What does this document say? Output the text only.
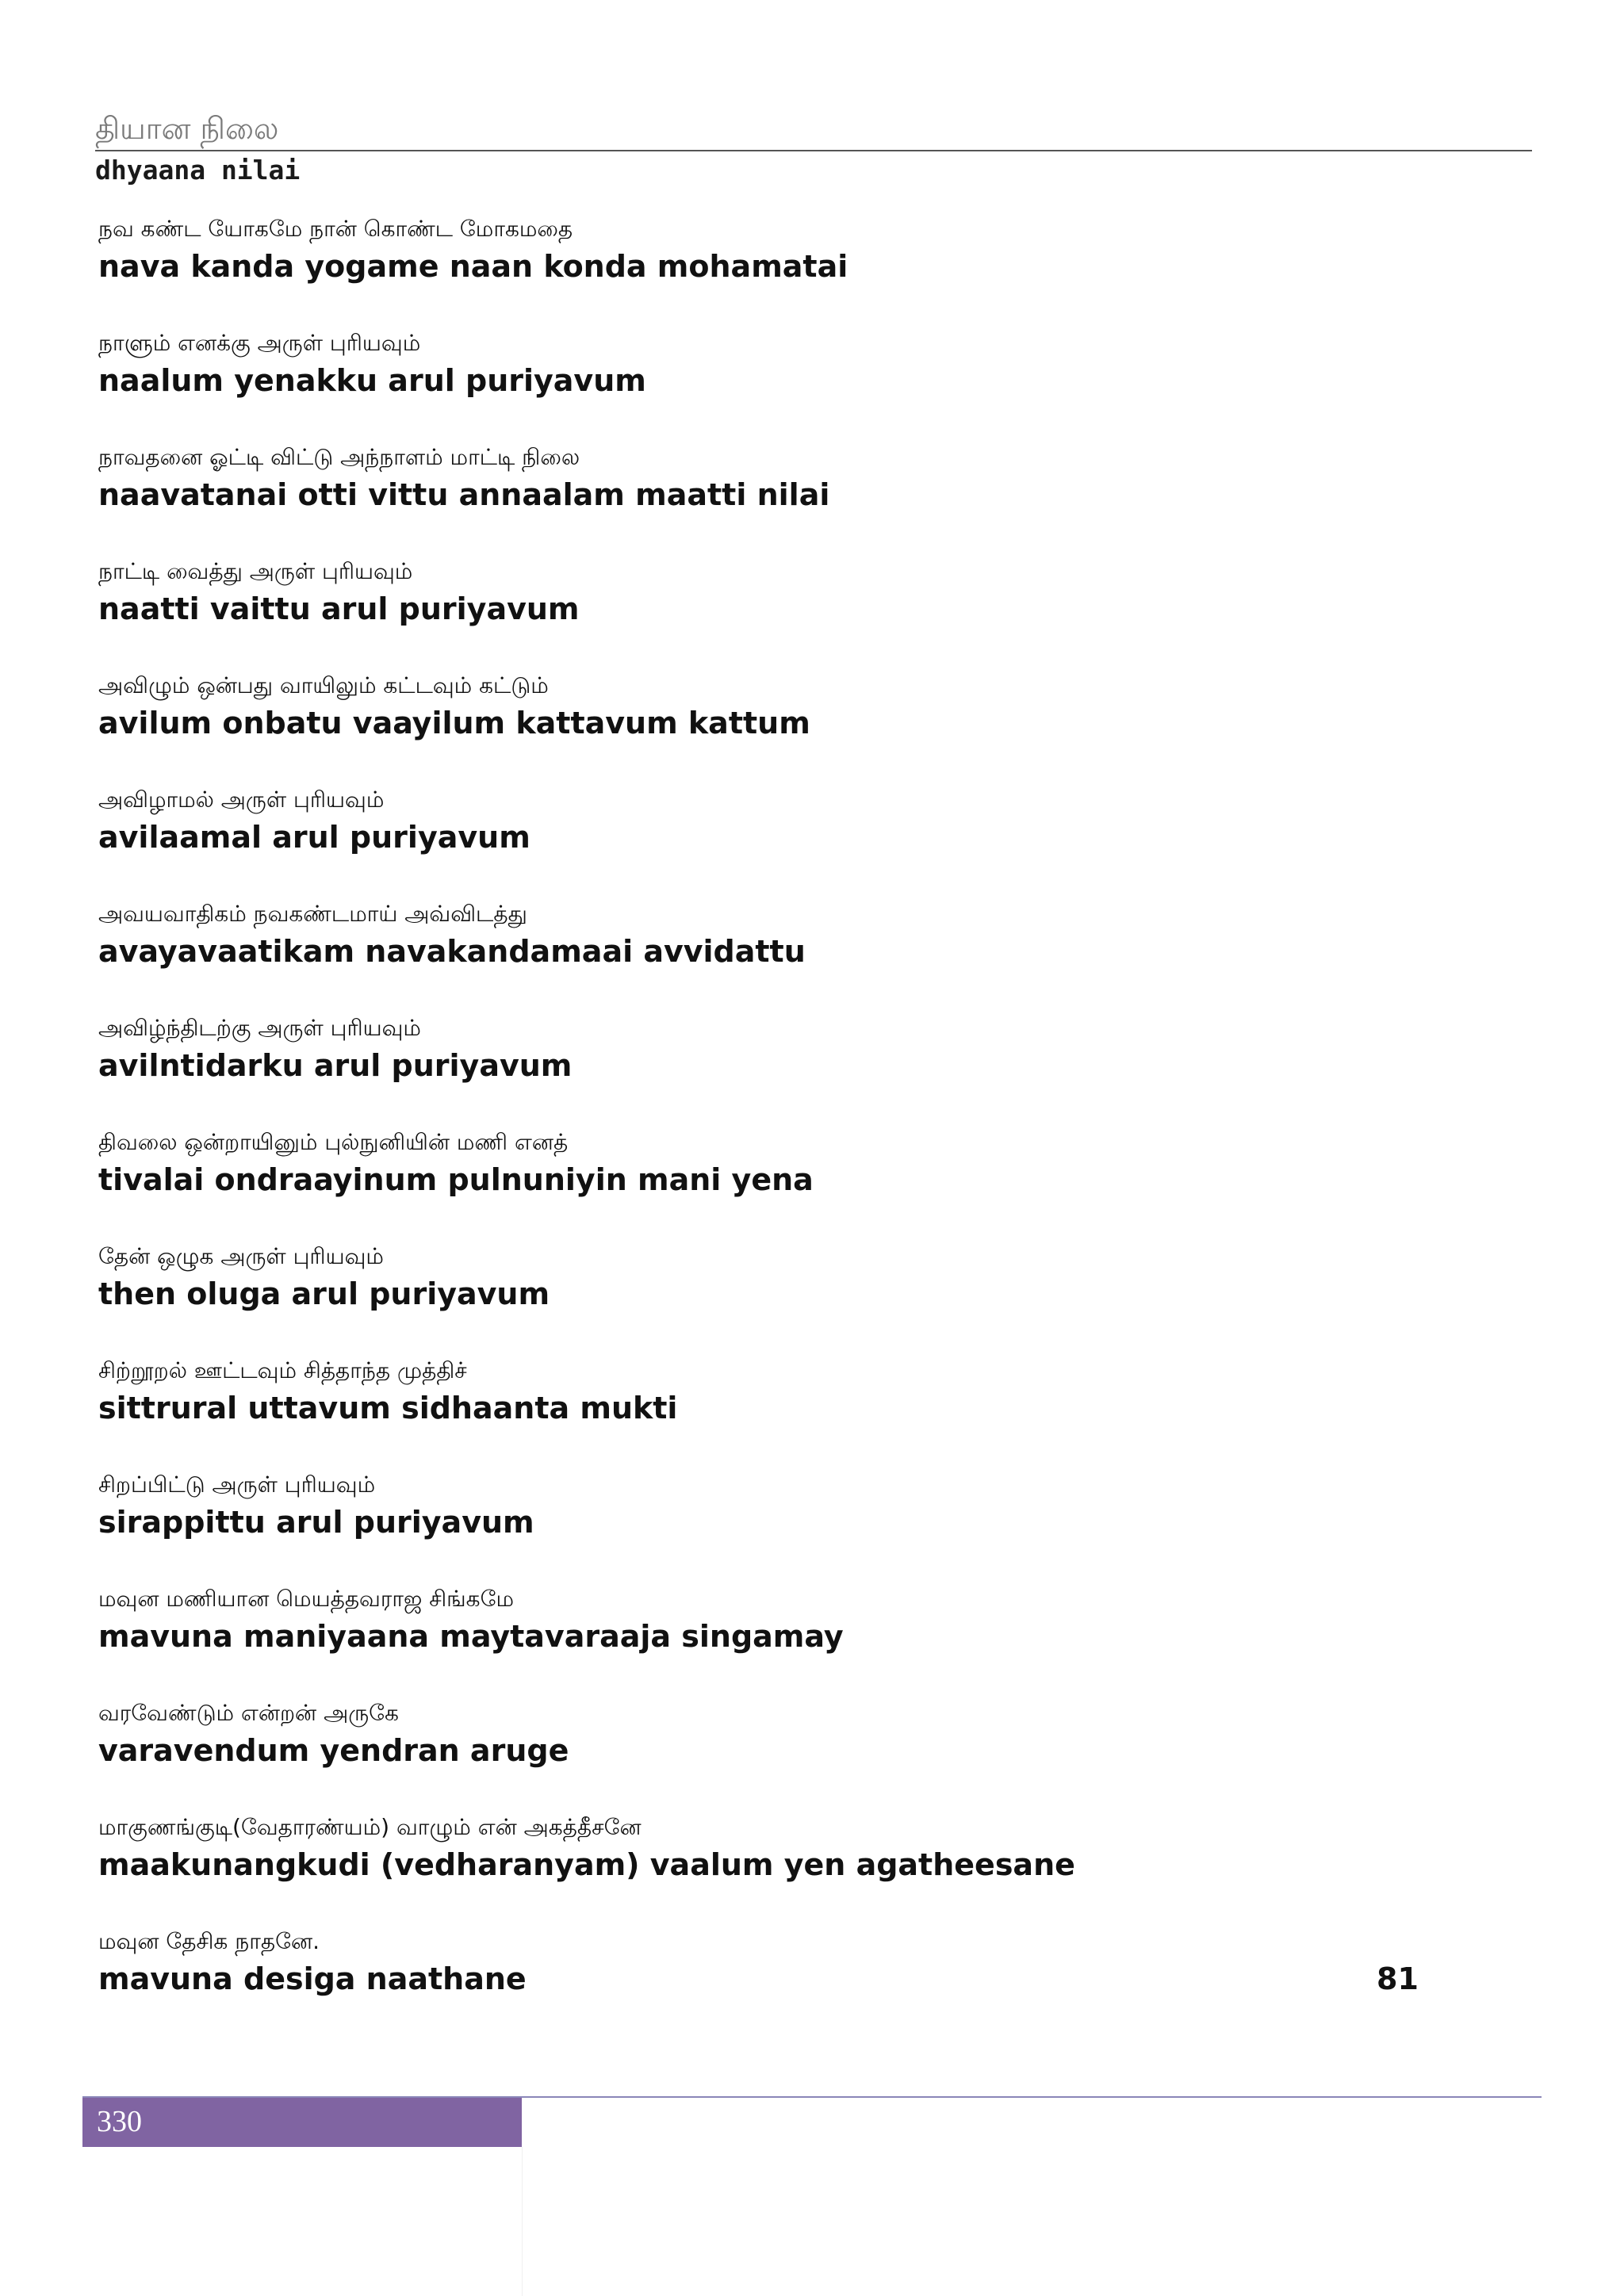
தியான நிலை
dhyaana nilai
நவ கண்ட யோகமே நான் கொண்ட மோகமதை
nava kanda yogame naan konda mohamatai
நாளும் எனக்கு அருள் புரியவும்
naalum yenakku arul puriyavum
நாவதனை ஓட்டி விட்டு அந்நாளம் மாட்டி நிலை
naavatanai otti vittu annaalam maatti nilai
நாட்டி வைத்து அருள் புரியவும்
naatti vaittu arul puriyavum
அவிழும் ஒன்பது வாயிலும் கட்டவும் கட்டும்
avilum onbatu vaayilum kattavum kattum
அவிழாமல் அருள் புரியவும்
avilaamal arul puriyavum
அவயவாதிகம் நவகண்டமாய் அவ்விடத்து
avayavaatikam navakandamaai avvidattu
அவிழ்ந்திடற்கு அருள் புரியவும்
avilntidarku arul puriyavum
திவலை ஒன்றாயினும் புல்நுனியின் மணி எனத்
tivalai ondraayinum pulnuniyin mani yena
தேன் ஒழுக அருள் புரியவும்
then oluga arul puriyavum
சிற்றூறல் ஊட்டவும் சித்தாந்த முத்திச்
sittrural uttavum sidhaanta mukti
சிறப்பிட்டு அருள் புரியவும்
sirappittu arul puriyavum
மவுன மணியான மெயத்தவராஜ சிங்கமே
mavuna maniyaana maytavaraaja singamay
வரவேண்டும் என்றன் அருகே
varavendum yendran aruge
மாகுணங்குடி(வேதாரண்யம்) வாழும் என் அகத்தீசனே
maakunangkudi (vedharanyam) vaalum yen agatheesane
மவுன தேசிக நாதனே.
mavuna desiga naathane	81
330
